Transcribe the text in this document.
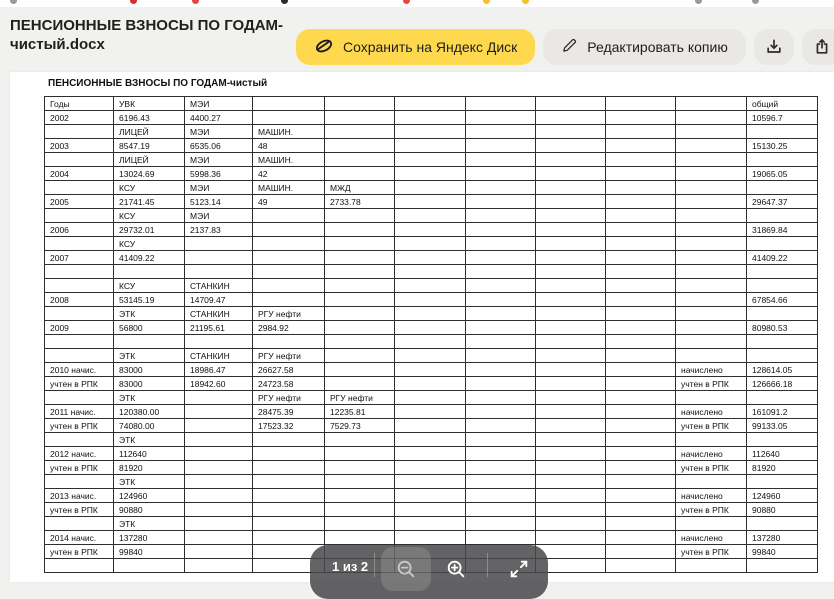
ПЕНСИОННЫЕ ВЗНОСЫ ПО ГОДАМ-чистый.docx	Сохранить на Яндекс Диск	Редактировать копию
ПЕНСИОННЫЕ ВЗНОСЫ ПО ГОДАМ-чистый
Годы	УВК	МЭИ								общий
2002	6196.43	4400.27								10596.7
	ЛИЦЕЙ	МЭИ	МАШИН.							
2003	8547.19	6535.06	48							15130.25
	ЛИЦЕЙ	МЭИ	МАШИН.							
2004	13024.69	5998.36	42							19065.05
	КСУ	МЭИ	МАШИН.	МЖД						
2005	21741.45	5123.14	49	2733.78						29647.37
	КСУ	МЭИ								
2006	29732.01	2137.83								31869.84
	КСУ									
2007	41409.22									41409.22

	КСУ	СТАНКИН								
2008	53145.19	14709.47								67854.66
	ЭТК	СТАНКИН	РГУ нефти							
2009	56800	21195.61	2984.92							80980.53

	ЭТК	СТАНКИН	РГУ нефти							
2010 начис.	83000	18986.47	26627.58						начислено	128614.05
учтен в РПК	83000	18942.60	24723.58						учтен в РПК	126666.18
	ЭТК		РГУ нефти	РГУ нефти						
2011 начис.	120380.00		28475.39	12235.81					начислено	161091.2
учтен в РПК	74080.00		17523.32	7529.73					учтен в РПК	99133.05
	ЭТК									
2012 начис.	112640								начислено	112640
учтен в РПК	81920								учтен в РПК	81920
	ЭТК									
2013 начис.	124960								начислено	124960
учтен в РПК	90880								учтен в РПК	90880
	ЭТК									
2014 начис.	137280								начислено	137280
учтен в РПК	99840								учтен в РПК	99840

1 из 2
